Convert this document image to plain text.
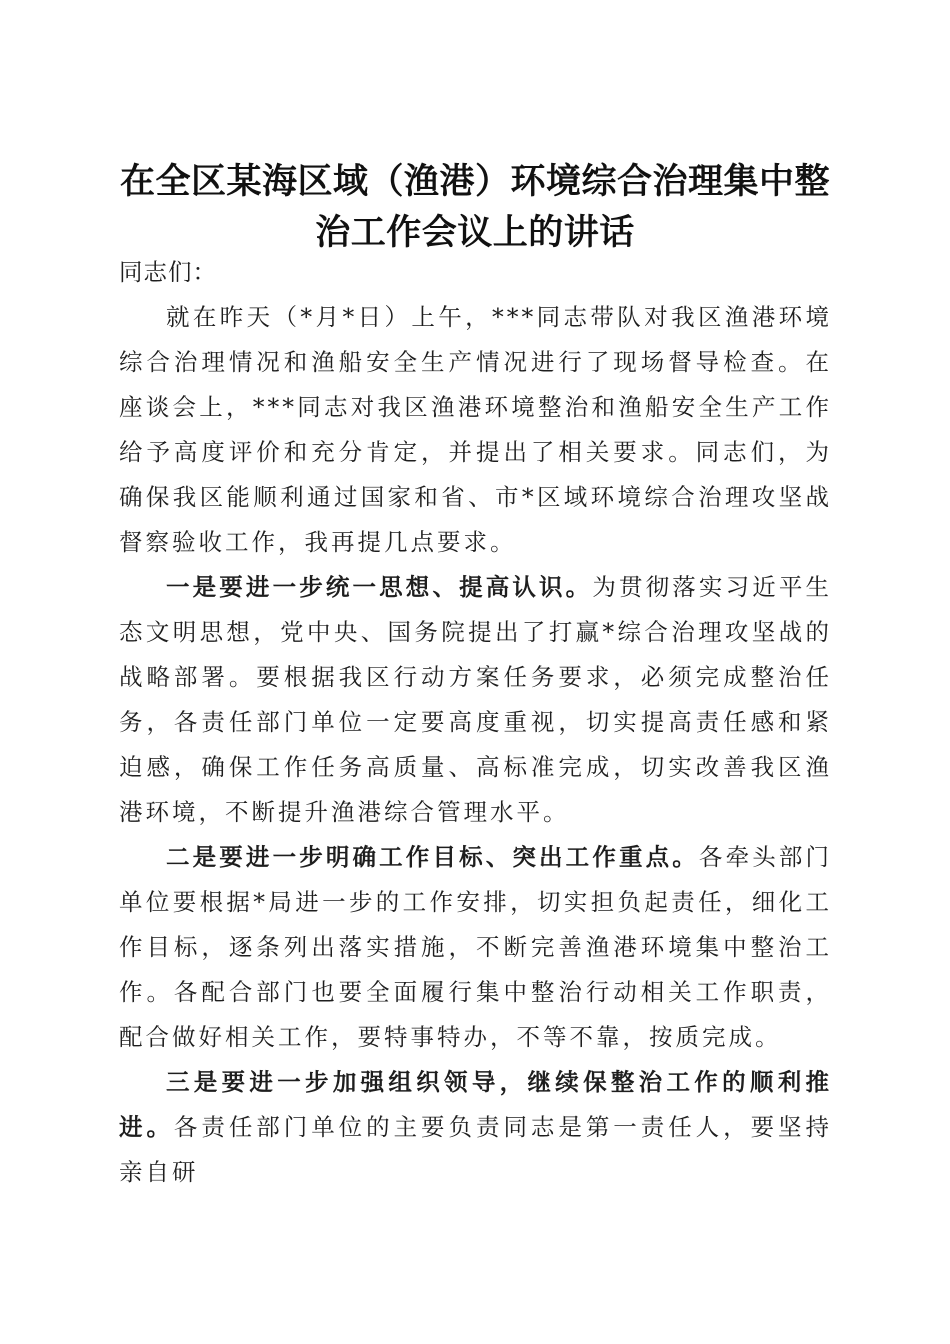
在全区某海区域（渔港）环境综合治理集中整
治工作会议上的讲话

同志们：

就在昨天（*月*日）上午，***同志带队对我区渔港环境综合治理情况和渔船安全生产情况进行了现场督导检查。在座谈会上，***同志对我区渔港环境整治和渔船安全生产工作给予高度评价和充分肯定，并提出了相关要求。同志们，为确保我区能顺利通过国家和省、市*区域环境综合治理攻坚战督察验收工作，我再提几点要求。

一是要进一步统一思想、提高认识。为贯彻落实习近平生态文明思想，党中央、国务院提出了打赢*综合治理攻坚战的战略部署。要根据我区行动方案任务要求，必须完成整治任务，各责任部门单位一定要高度重视，切实提高责任感和紧迫感，确保工作任务高质量、高标准完成，切实改善我区渔港环境，不断提升渔港综合管理水平。

二是要进一步明确工作目标、突出工作重点。各牵头部门单位要根据*局进一步的工作安排，切实担负起责任，细化工作目标，逐条列出落实措施，不断完善渔港环境集中整治工作。各配合部门也要全面履行集中整治行动相关工作职责，配合做好相关工作，要特事特办，不等不靠，按质完成。

三是要进一步加强组织领导，继续保整治工作的顺利推进。各责任部门单位的主要负责同志是第一责任人，要坚持亲自研
